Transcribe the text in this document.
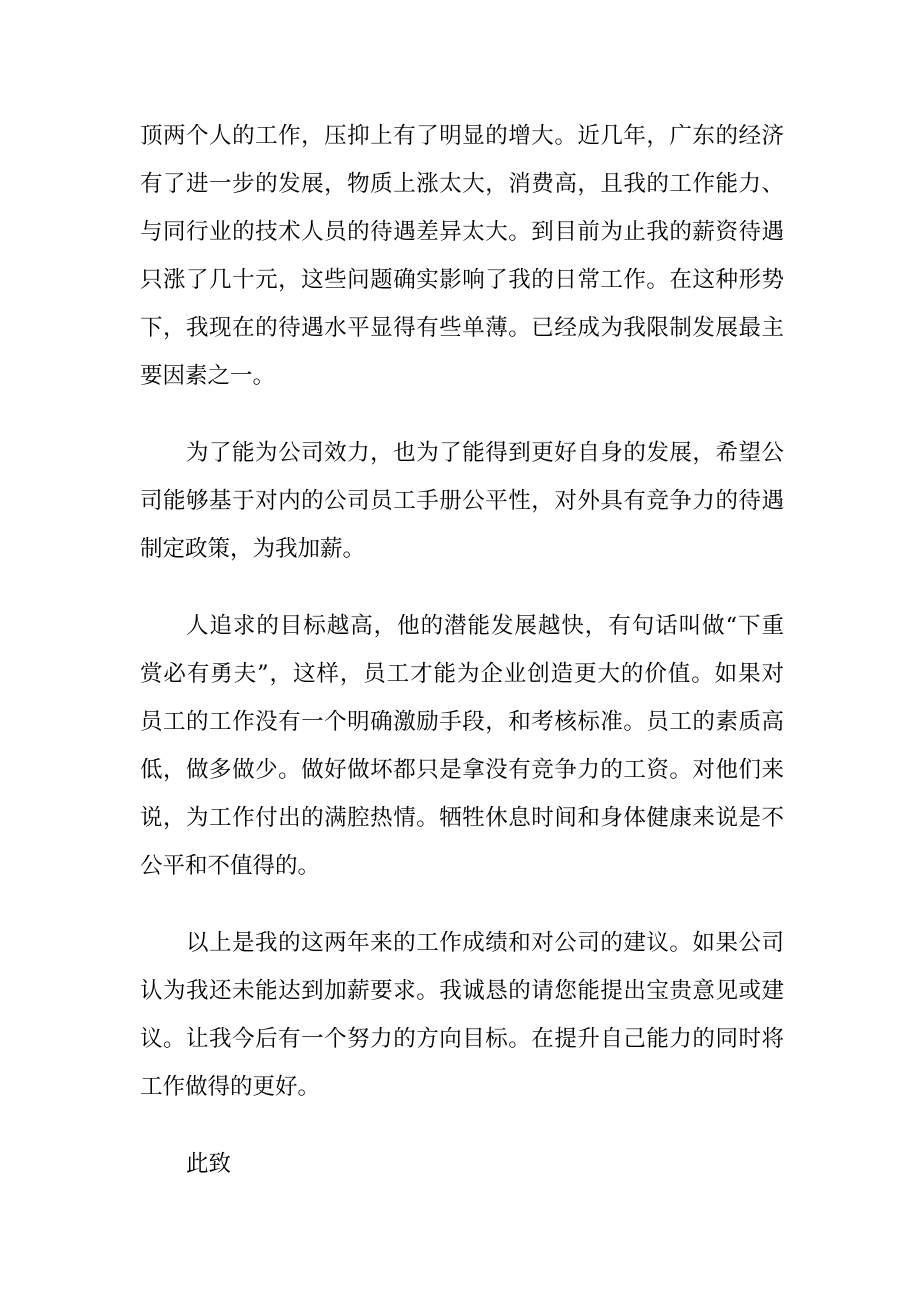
顶两个人的工作，压抑上有了明显的增大。近几年，广东的经济
有了进一步的发展，物质上涨太大，消费高，且我的工作能力、
与同行业的技术人员的待遇差异太大。到目前为止我的薪资待遇
只涨了几十元，这些问题确实影响了我的日常工作。在这种形势
下，我现在的待遇水平显得有些单薄。已经成为我限制发展最主
要因素之一。
为了能为公司效力，也为了能得到更好自身的发展，希望公
司能够基于对内的公司员工手册公平性，对外具有竞争力的待遇
制定政策，为我加薪。
人追求的目标越高，他的潜能发展越快，有句话叫做“下重
赏必有勇夫”，这样，员工才能为企业创造更大的价值。如果对
员工的工作没有一个明确激励手段，和考核标准。员工的素质高
低，做多做少。做好做坏都只是拿没有竞争力的工资。对他们来
说，为工作付出的满腔热情。牺牲休息时间和身体健康来说是不
公平和不值得的。
以上是我的这两年来的工作成绩和对公司的建议。如果公司
认为我还未能达到加薪要求。我诚恳的请您能提出宝贵意见或建
议。让我今后有一个努力的方向目标。在提升自己能力的同时将
工作做得的更好。
此致
